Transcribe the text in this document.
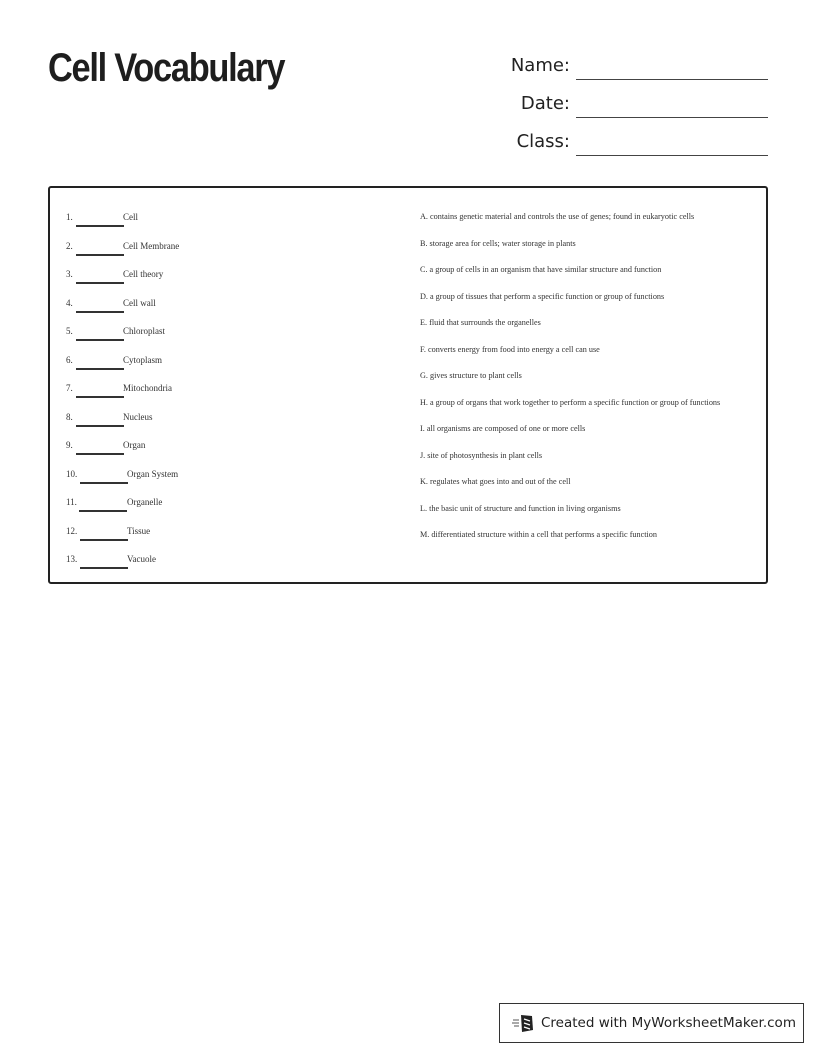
Cell Vocabulary	Name:
Date:
Class:
1.	Cell
2.	Cell Membrane
3.	Cell theory
4.	Cell wall
5.	Chloroplast
6.	Cytoplasm
7.	Mitochondria
8.	Nucleus
9.	Organ
10.	Organ System
11.	Organelle
12.	Tissue
13.	Vacuole
A. contains genetic material and controls the use of genes; found in eukaryotic cells
B. storage area for cells; water storage in plants
C. a group of cells in an organism that have similar structure and function
D. a group of tissues that perform a specific function or group of functions
E. fluid that surrounds the organelles
F. converts energy from food into energy a cell can use
G. gives structure to plant cells
H. a group of organs that work together to perform a specific function or group of functions
I. all organisms are composed of one or more cells
J. site of photosynthesis in plant cells
K. regulates what goes into and out of the cell
L. the basic unit of structure and function in living organisms
M. differentiated structure within a cell that performs a specific function
Created with MyWorksheetMaker.com
